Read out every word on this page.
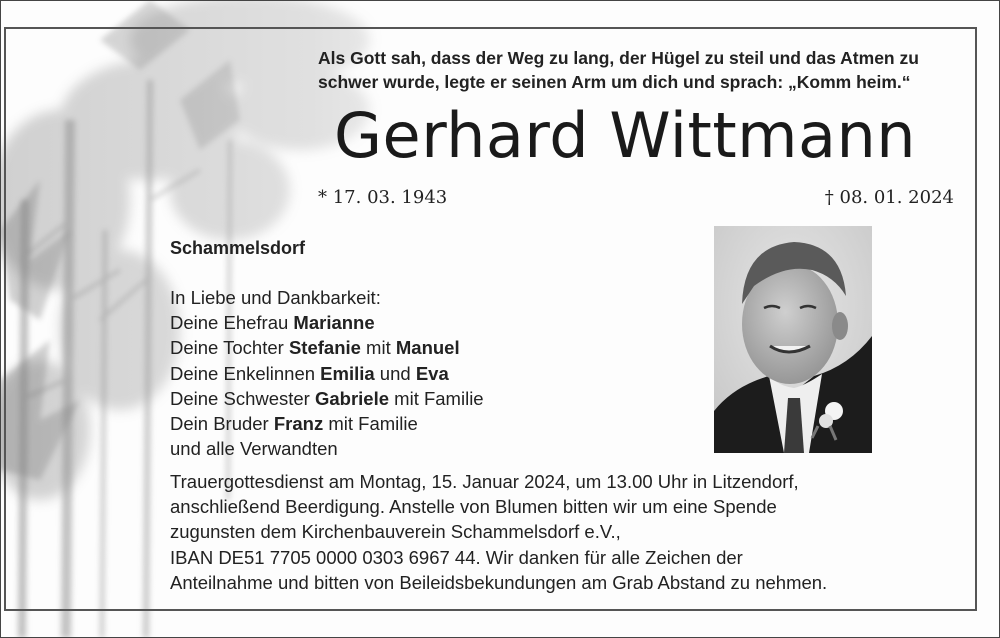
Als Gott sah, dass der Weg zu lang, der Hügel zu steil und das Atmen zu
schwer wurde, legte er seinen Arm um dich und sprach: „Komm heim.“
Gerhard Wittmann
* 17. 03. 1943	† 08. 01. 2024
Schammelsdorf
In Liebe und Dankbarkeit:
Deine Ehefrau Marianne
Deine Tochter Stefanie mit Manuel
Deine Enkelinnen Emilia und Eva
Deine Schwester Gabriele mit Familie
Dein Bruder Franz mit Familie
und alle Verwandten
Trauergottesdienst am Montag, 15. Januar 2024, um 13.00 Uhr in Litzendorf,
anschließend Beerdigung. Anstelle von Blumen bitten wir um eine Spende
zugunsten dem Kirchenbauverein Schammelsdorf e.V.,
IBAN DE51 7705 0000 0303 6967 44. Wir danken für alle Zeichen der
Anteilnahme und bitten von Beileidsbekundungen am Grab Abstand zu nehmen.
